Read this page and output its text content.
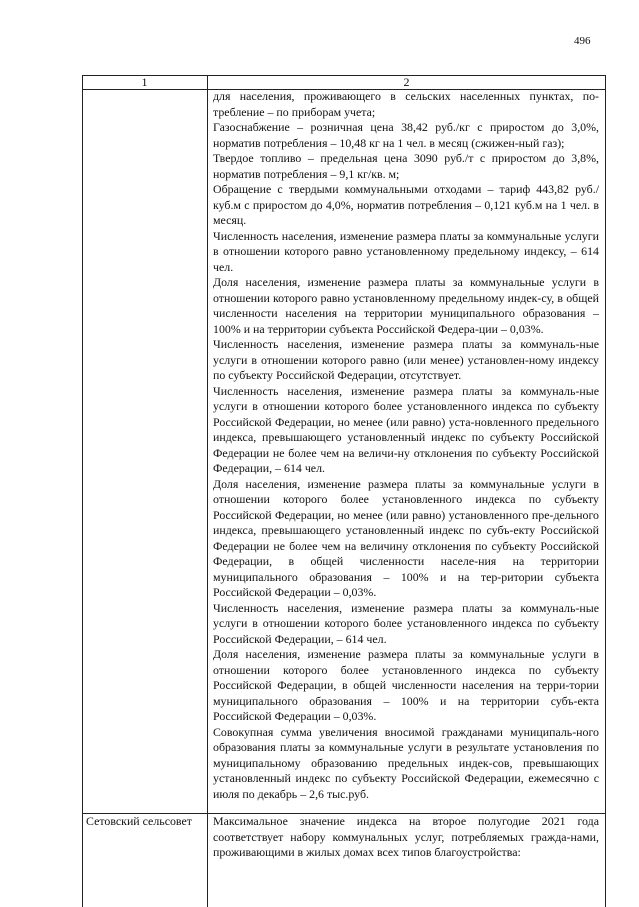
496
1	2

для населения, проживающего в сельских населенных пунктах, по-требление – по приборам учета;

Газоснабжение – розничная цена 38,42 руб./кг с приростом до 3,0%, норматив потребления – 10,48 кг на 1 чел. в месяц (сжижен-ный газ);

Твердое топливо – предельная цена 3090 руб./т с приростом до 3,8%, норматив потребления – 9,1 кг/кв. м;

Обращение с твердыми коммунальными отходами – тариф 443,82 руб./куб.м с приростом до 4,0%, норматив потребления – 0,121 куб.м на 1 чел. в месяц.

Численность населения, изменение размера платы за коммунальные услуги в отношении которого равно установленному предельному индексу, – 614 чел.

Доля населения, изменение размера платы за коммунальные услуги в отношении которого равно установленному предельному индек-су, в общей численности населения на территории муниципального образования – 100% и на территории субъекта Российской Федера-ции – 0,03%.

Численность населения, изменение размера платы за коммуналь-ные услуги в отношении которого равно (или менее) установлен-ному индексу по субъекту Российской Федерации, отсутствует.

Численность населения, изменение размера платы за коммуналь-ные услуги в отношении которого более установленного индекса по субъекту Российской Федерации, но менее (или равно) уста-новленного предельного индекса, превышающего установленный индекс по субъекту Российской Федерации не более чем на величи-ну отклонения по субъекту Российской Федерации, – 614 чел.

Доля населения, изменение размера платы за коммунальные услуги в отношении которого более установленного индекса по субъекту Российской Федерации, но менее (или равно) установленного пре-дельного индекса, превышающего установленный индекс по субъ-екту Российской Федерации не более чем на величину отклонения по субъекту Российской Федерации, в общей численности населе-ния на территории муниципального образования – 100% и на тер-ритории субъекта Российской Федерации – 0,03%.

Численность населения, изменение размера платы за коммуналь-ные услуги в отношении которого более установленного индекса по субъекту Российской Федерации, – 614 чел.

Доля населения, изменение размера платы за коммунальные услуги в отношении которого более установленного индекса по субъекту Российской Федерации, в общей численности населения на терри-тории муниципального образования – 100% и на территории субъ-екта Российской Федерации – 0,03%.

Совокупная сумма увеличения вносимой гражданами муниципаль-ного образования платы за коммунальные услуги в результате установления по муниципальному образованию предельных индек-сов, превышающих установленный индекс по субъекту Российской Федерации, ежемесячно с июля по декабрь – 2,6 тыс.руб.

Сетовский сельсовет	Максимальное значение индекса на второе полугодие 2021 года соответствует набору коммунальных услуг, потребляемых гражда-нами, проживающими в жилых домах всех типов благоустройства:
